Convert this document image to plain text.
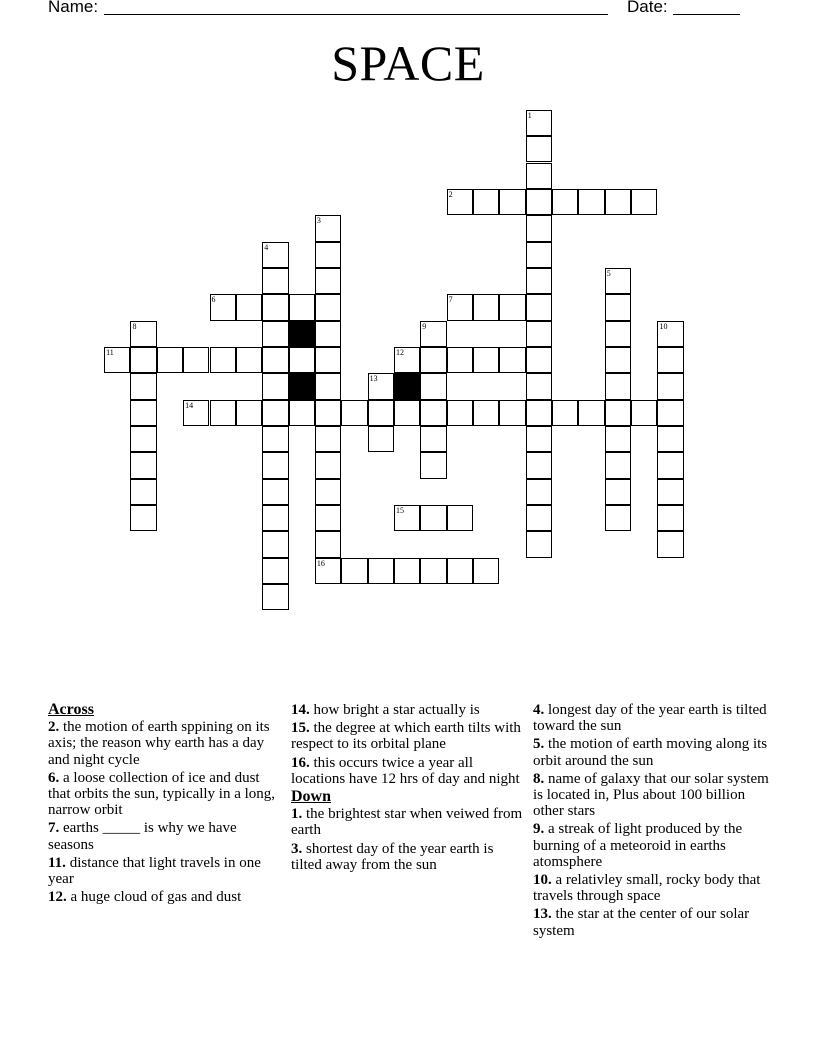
Name:	Date:
SPACE
1
2
3
16
4
5
6	7
8	9	10
11	12
13
14
15
Across
2. the motion of earth sppining on its axis; the reason why earth has a day and night cycle
6. a loose collection of ice and dust that orbits the sun, typically in a long, narrow orbit
7. earths _____ is why we have seasons
11. distance that light travels in one year
12. a huge cloud of gas and dust
14. how bright a star actually is
15. the degree at which earth tilts with respect to its orbital plane
16. this occurs twice a year all locations have 12 hrs of day and night
Down
1. the brightest star when veiwed from earth
3. shortest day of the year earth is tilted away from the sun
4. longest day of the year earth is tilted toward the sun
5. the motion of earth moving along its orbit around the sun
8. name of galaxy that our solar system is located in, Plus about 100 billion other stars
9. a streak of light produced by the burning of a meteoroid in earths atomsphere
10. a relativley small, rocky body that travels through space
13. the star at the center of our solar system
